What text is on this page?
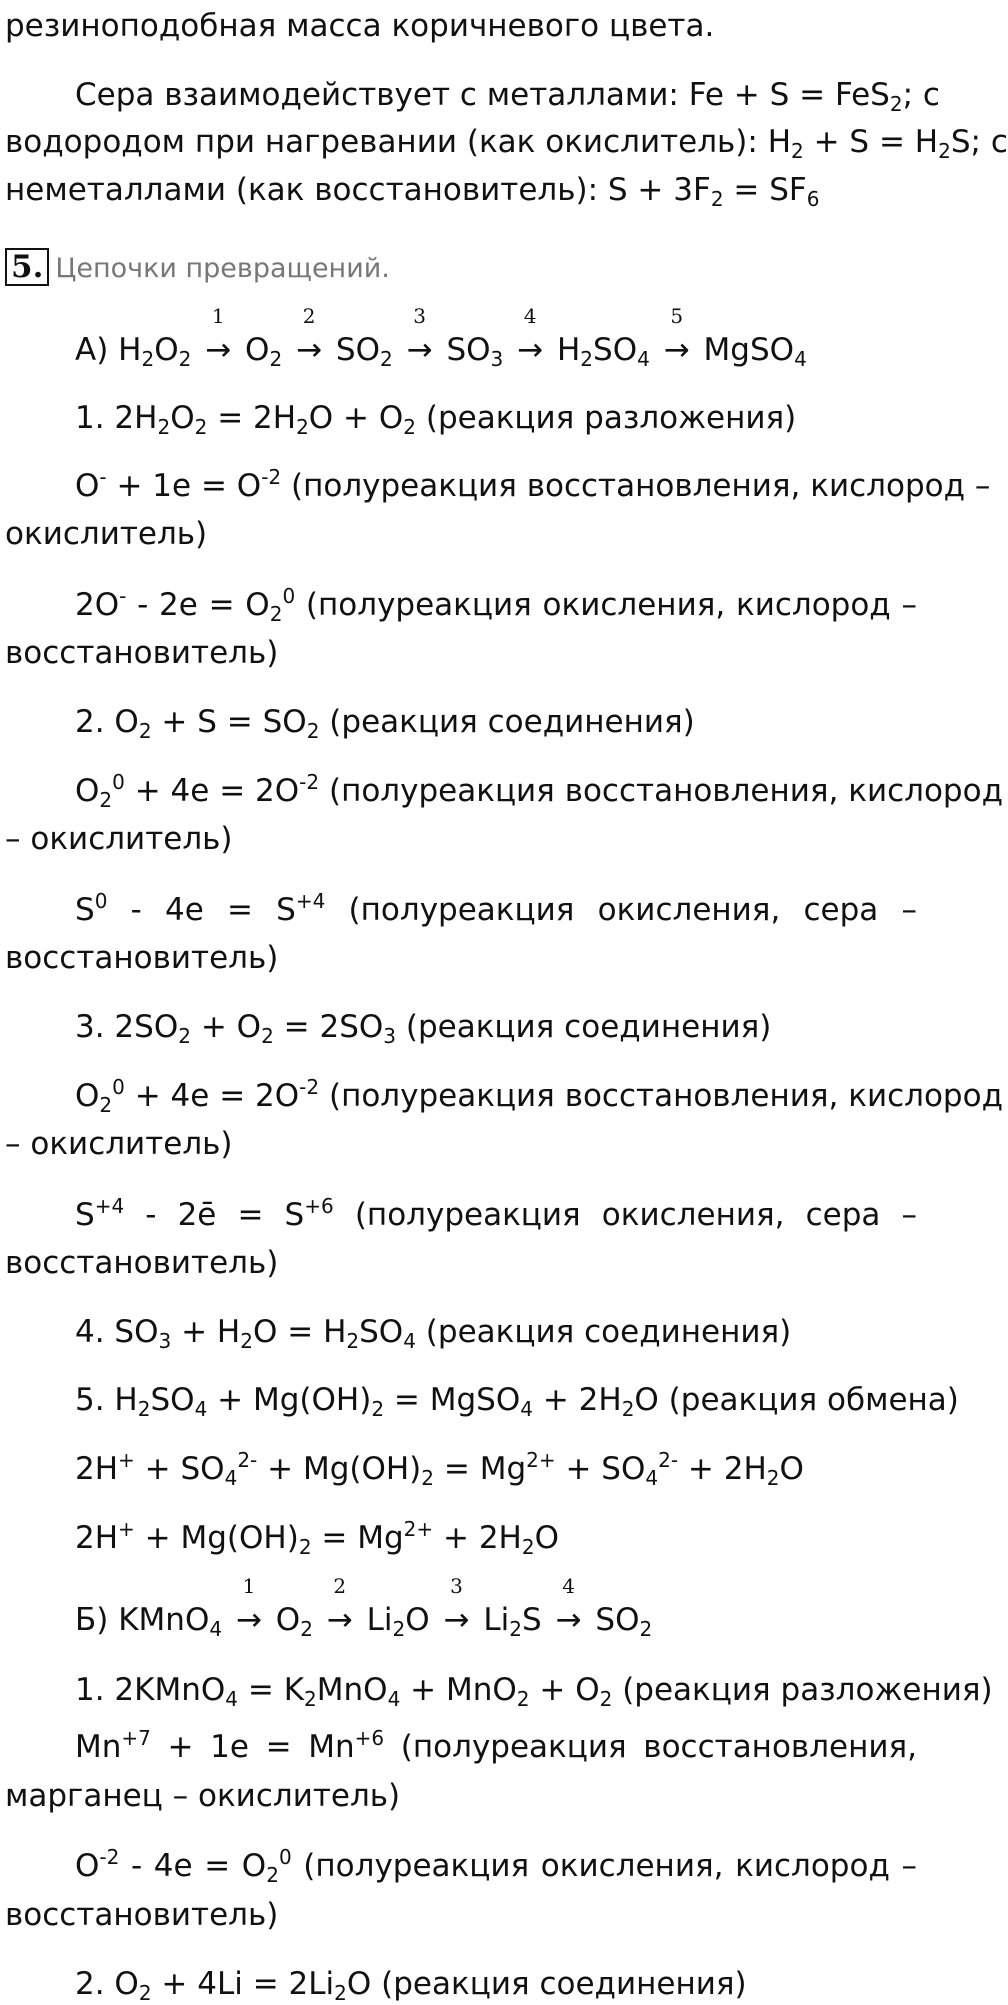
резиноподобная масса коричневого цвета.
Сера взаимодействует с металлами: Fe + S = FeS$_2$; с
водородом при нагревании (как окислитель): $H_2 + S = H_2S$; с
неметаллами (как восстановитель): $S + 3F_2 = SF_6$
5. Цепочки превращений.
А) $H_2O_2$
1
→ $O_2$
2
→ $SO_2$
3
→ $SO_3$
4
→ $H_2SO_4$
5
→ MgSO$_4$
1. $2H_2O_2 = 2H_2O + O_2$ (реакция разложения)
$O^- + 1e = O^{-2}$ (полуреакция восстановления, кислород –
окислитель)
$2O^- - 2e = O_2^0$ (полуреакция окисления, кислород –
восстановитель)
2. $O_2 + S = SO_2$ (реакция соединения)
$O_2^0 + 4e = 2O^{-2}$ (полуреакция восстановления, кислород
– окислитель)
$S^0 - 4e = S^{+4}$ (полуреакция окисления, сера –
восстановитель)
3. $2SO_2 + O_2 = 2SO_3$ (реакция соединения)
$O_2^0 + 4e = 2O^{-2}$ (полуреакция восстановления, кислород
– окислитель)
$S^{+4}$ - 2ē = $S^{+6}$ (полуреакция окисления, сера –
восстановитель)
4. $SO_3 + H_2O = H_2SO_4$ (реакция соединения)
5. $H_2SO_4 + Mg(OH)_2$ = MgSO$_4$ + $2H_2O$ (реакция обмена)
$2H^+ + SO_4^{2-} + Mg(OH)_2 = Mg^{2+} + SO_4^{2-} + 2H_2O$
$2H^+ + Mg(OH)_2 = Mg^{2+} + 2H_2O$
Б) KMnO$_4$
1
→ $O_2$
2
→ $Li_2O$
3
→ $Li_2S$
4
→ $SO_2$
1. 2KMnO$_4$ = $K_2MnO_4 + MnO_2 + O_2$ (реакция разложения)
$Mn^{+7} + 1e = Mn^{+6}$ (полуреакция восстановления,
марганец – окислитель)
$O^{-2} - 4e = O_2^0$ (полуреакция окисления, кислород –
восстановитель)
2. $O_2 + 4Li = 2Li_2O$ (реакция соединения)
